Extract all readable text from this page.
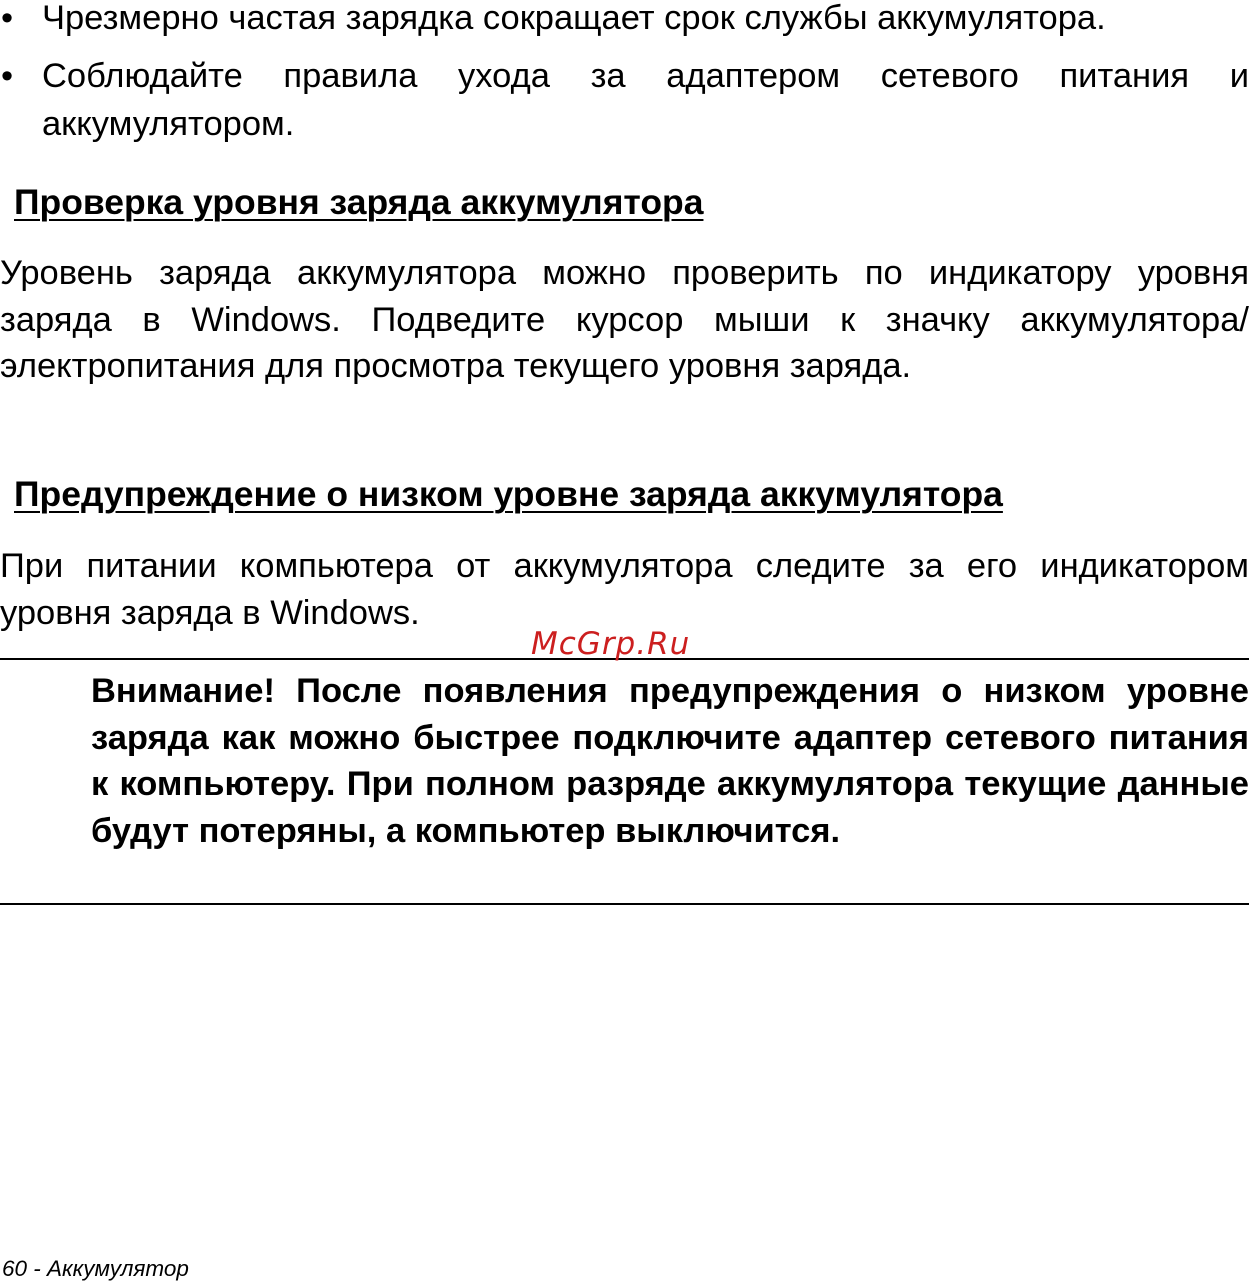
• Чрезмерно частая зарядка сокращает срок службы аккумулятора.
• Соблюдайте правила ухода за адаптером сетевого питания и аккумулятором.
Проверка уровня заряда аккумулятора

Уровень заряда аккумулятора можно проверить по индикатору уровня заряда в Windows. Подведите курсор мыши к значку аккумулятора/электропитания для просмотра текущего уровня заряда.

Предупреждение о низком уровне заряда аккумулятора

При питании компьютера от аккумулятора следите за его индикатором уровня заряда в Windows.

McGrp.Ru

Внимание! После появления предупреждения о низком уровне заряда как можно быстрее подключите адаптер сетевого питания к компьютеру. При полном разряде аккумулятора текущие данные будут потеряны, а компьютер выключится.

60 - Аккумулятор
